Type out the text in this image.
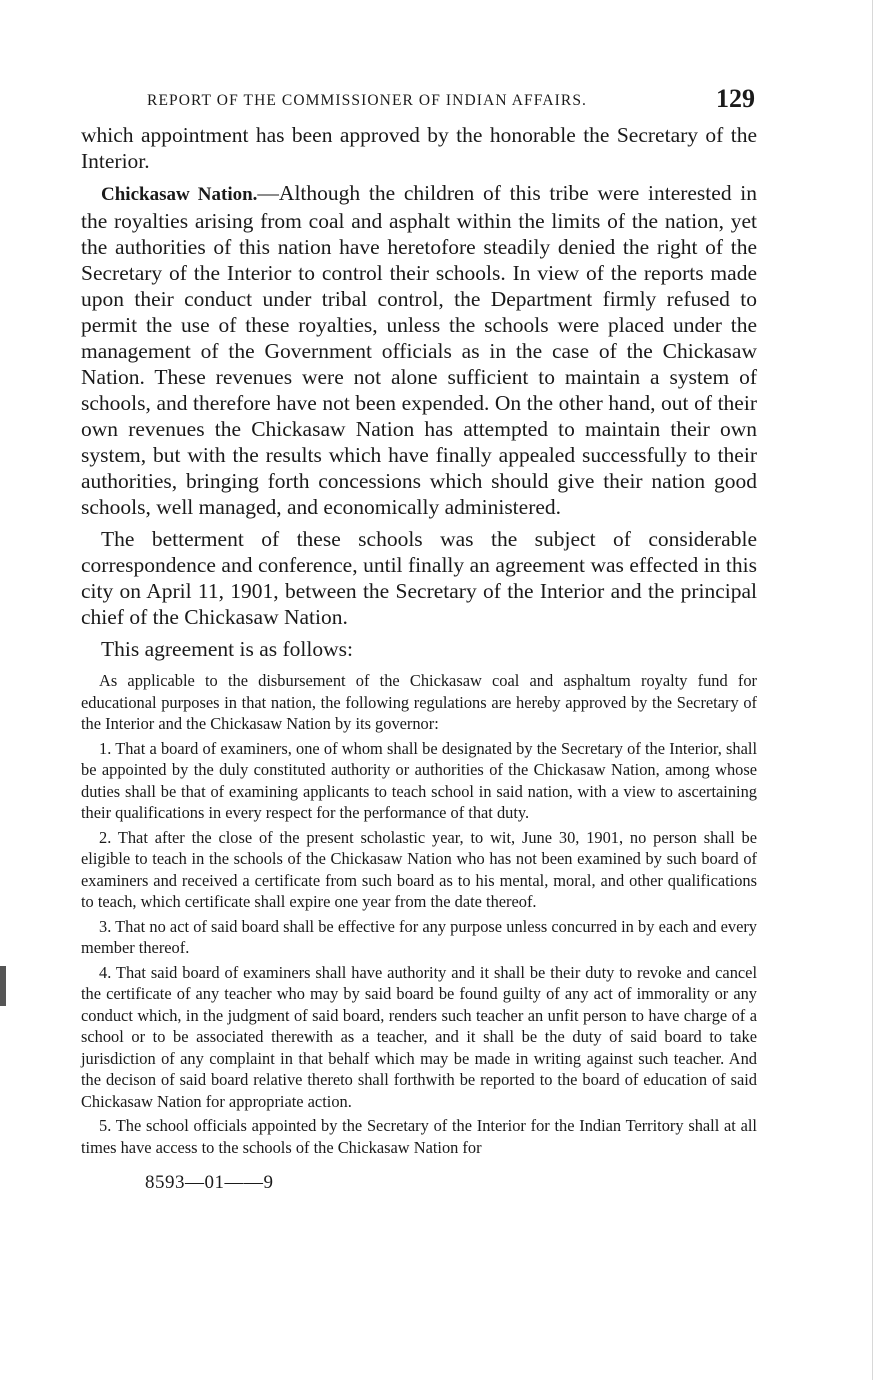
REPORT OF THE COMMISSIONER OF INDIAN AFFAIRS.	129

which appointment has been approved by the honorable the Secretary of the Interior.

Chickasaw Nation.—Although the children of this tribe were interested in the royalties arising from coal and asphalt within the limits of the nation, yet the authorities of this nation have heretofore steadily denied the right of the Secretary of the Interior to control their schools. In view of the reports made upon their conduct under tribal control, the Department firmly refused to permit the use of these royalties, unless the schools were placed under the management of the Government officials as in the case of the Chickasaw Nation. These revenues were not alone sufficient to maintain a system of schools, and therefore have not been expended. On the other hand, out of their own revenues the Chickasaw Nation has attempted to maintain their own system, but with the results which have finally appealed successfully to their authorities, bringing forth concessions which should give their nation good schools, well managed, and economically administered.

The betterment of these schools was the subject of considerable correspondence and conference, until finally an agreement was effected in this city on April 11, 1901, between the Secretary of the Interior and the principal chief of the Chickasaw Nation.

This agreement is as follows:

As applicable to the disbursement of the Chickasaw coal and asphaltum royalty fund for educational purposes in that nation, the following regulations are hereby approved by the Secretary of the Interior and the Chickasaw Nation by its governor:

1. That a board of examiners, one of whom shall be designated by the Secretary of the Interior, shall be appointed by the duly constituted authority or authorities of the Chickasaw Nation, among whose duties shall be that of examining applicants to teach school in said nation, with a view to ascertaining their qualifications in every respect for the performance of that duty.

2. That after the close of the present scholastic year, to wit, June 30, 1901, no person shall be eligible to teach in the schools of the Chickasaw Nation who has not been examined by such board of examiners and received a certificate from such board as to his mental, moral, and other qualifications to teach, which certificate shall expire one year from the date thereof.

3. That no act of said board shall be effective for any purpose unless concurred in by each and every member thereof.

4. That said board of examiners shall have authority and it shall be their duty to revoke and cancel the certificate of any teacher who may by said board be found guilty of any act of immorality or any conduct which, in the judgment of said board, renders such teacher an unfit person to have charge of a school or to be associated therewith as a teacher, and it shall be the duty of said board to take jurisdiction of any complaint in that behalf which may be made in writing against such teacher. And the decison of said board relative thereto shall forthwith be reported to the board of education of said Chickasaw Nation for appropriate action.

5. The school officials appointed by the Secretary of the Interior for the Indian Territory shall at all times have access to the schools of the Chickasaw Nation for

8593—01——9
